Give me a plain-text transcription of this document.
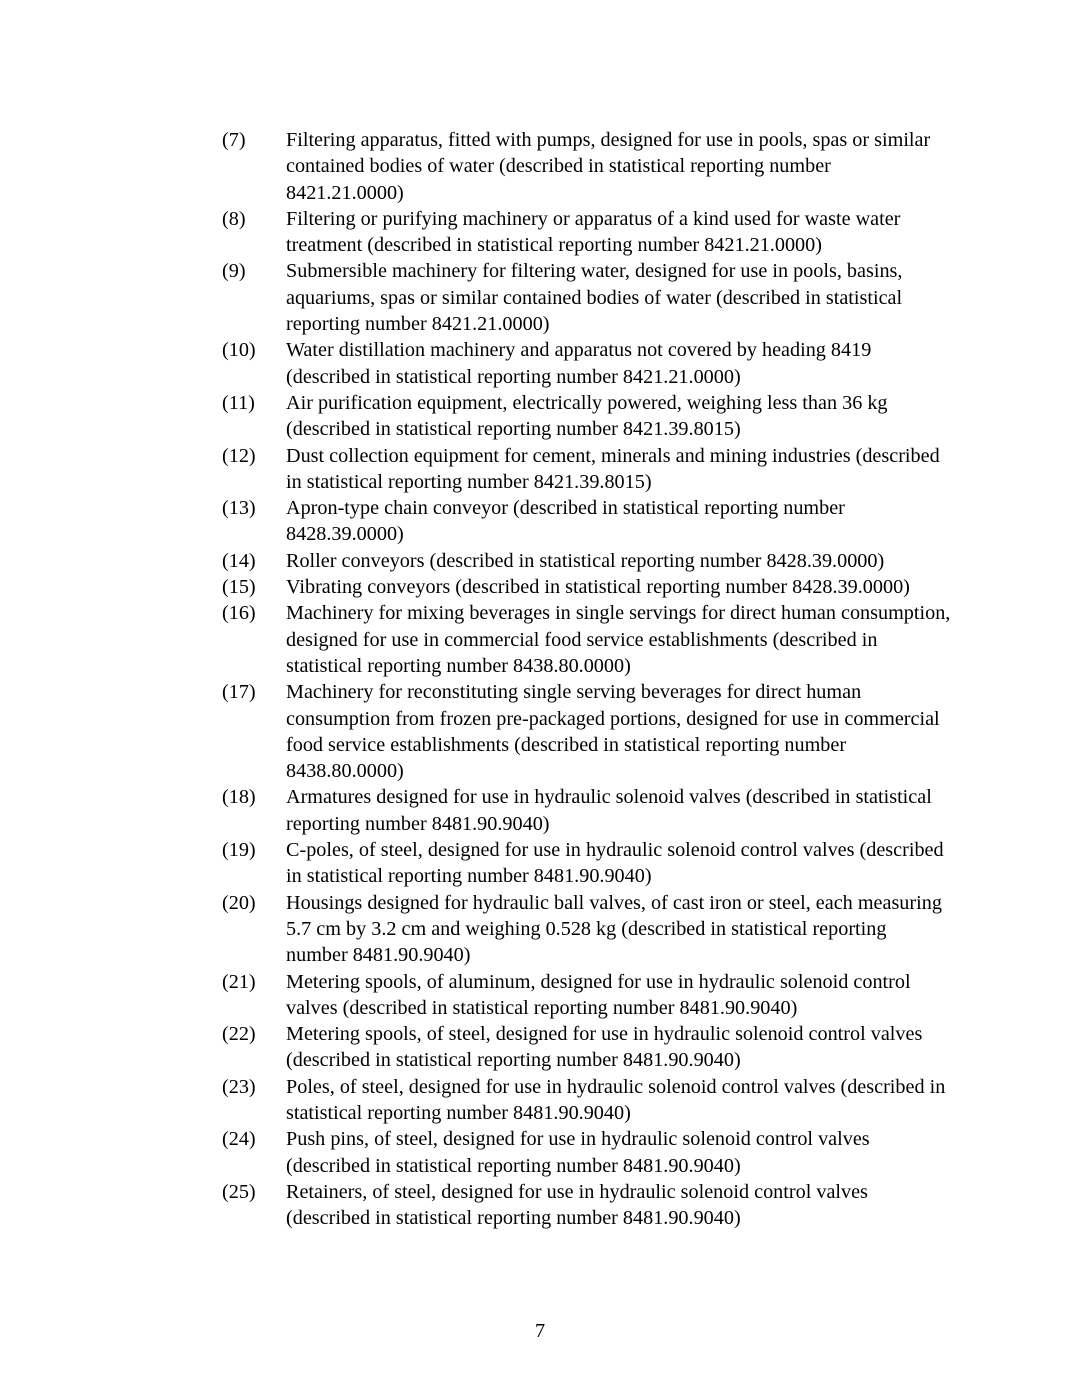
(7)	Filtering apparatus, fitted with pumps, designed for use in pools, spas or similar contained bodies of water (described in statistical reporting number 8421.21.0000)
(8)	Filtering or purifying machinery or apparatus of a kind used for waste water treatment (described in statistical reporting number 8421.21.0000)
(9)	Submersible machinery for filtering water, designed for use in pools, basins, aquariums, spas or similar contained bodies of water (described in statistical reporting number 8421.21.0000)
(10)	Water distillation machinery and apparatus not covered by heading 8419 (described in statistical reporting number 8421.21.0000)
(11)	Air purification equipment, electrically powered, weighing less than 36 kg (described in statistical reporting number 8421.39.8015)
(12)	Dust collection equipment for cement, minerals and mining industries (described in statistical reporting number 8421.39.8015)
(13)	Apron-type chain conveyor (described in statistical reporting number 8428.39.0000)
(14)	Roller conveyors (described in statistical reporting number 8428.39.0000)
(15)	Vibrating conveyors (described in statistical reporting number 8428.39.0000)
(16)	Machinery for mixing beverages in single servings for direct human consumption, designed for use in commercial food service establishments (described in statistical reporting number 8438.80.0000)
(17)	Machinery for reconstituting single serving beverages for direct human consumption from frozen pre-packaged portions, designed for use in commercial food service establishments (described in statistical reporting number 8438.80.0000)
(18)	Armatures designed for use in hydraulic solenoid valves (described in statistical reporting number 8481.90.9040)
(19)	C-poles, of steel, designed for use in hydraulic solenoid control valves (described in statistical reporting number 8481.90.9040)
(20)	Housings designed for hydraulic ball valves, of cast iron or steel, each measuring 5.7 cm by 3.2 cm and weighing 0.528 kg (described in statistical reporting number 8481.90.9040)
(21)	Metering spools, of aluminum, designed for use in hydraulic solenoid control valves (described in statistical reporting number 8481.90.9040)
(22)	Metering spools, of steel, designed for use in hydraulic solenoid control valves (described in statistical reporting number 8481.90.9040)
(23)	Poles, of steel, designed for use in hydraulic solenoid control valves (described in statistical reporting number 8481.90.9040)
(24)	Push pins, of steel, designed for use in hydraulic solenoid control valves (described in statistical reporting number 8481.90.9040)
(25)	Retainers, of steel, designed for use in hydraulic solenoid control valves (described in statistical reporting number 8481.90.9040)
7
